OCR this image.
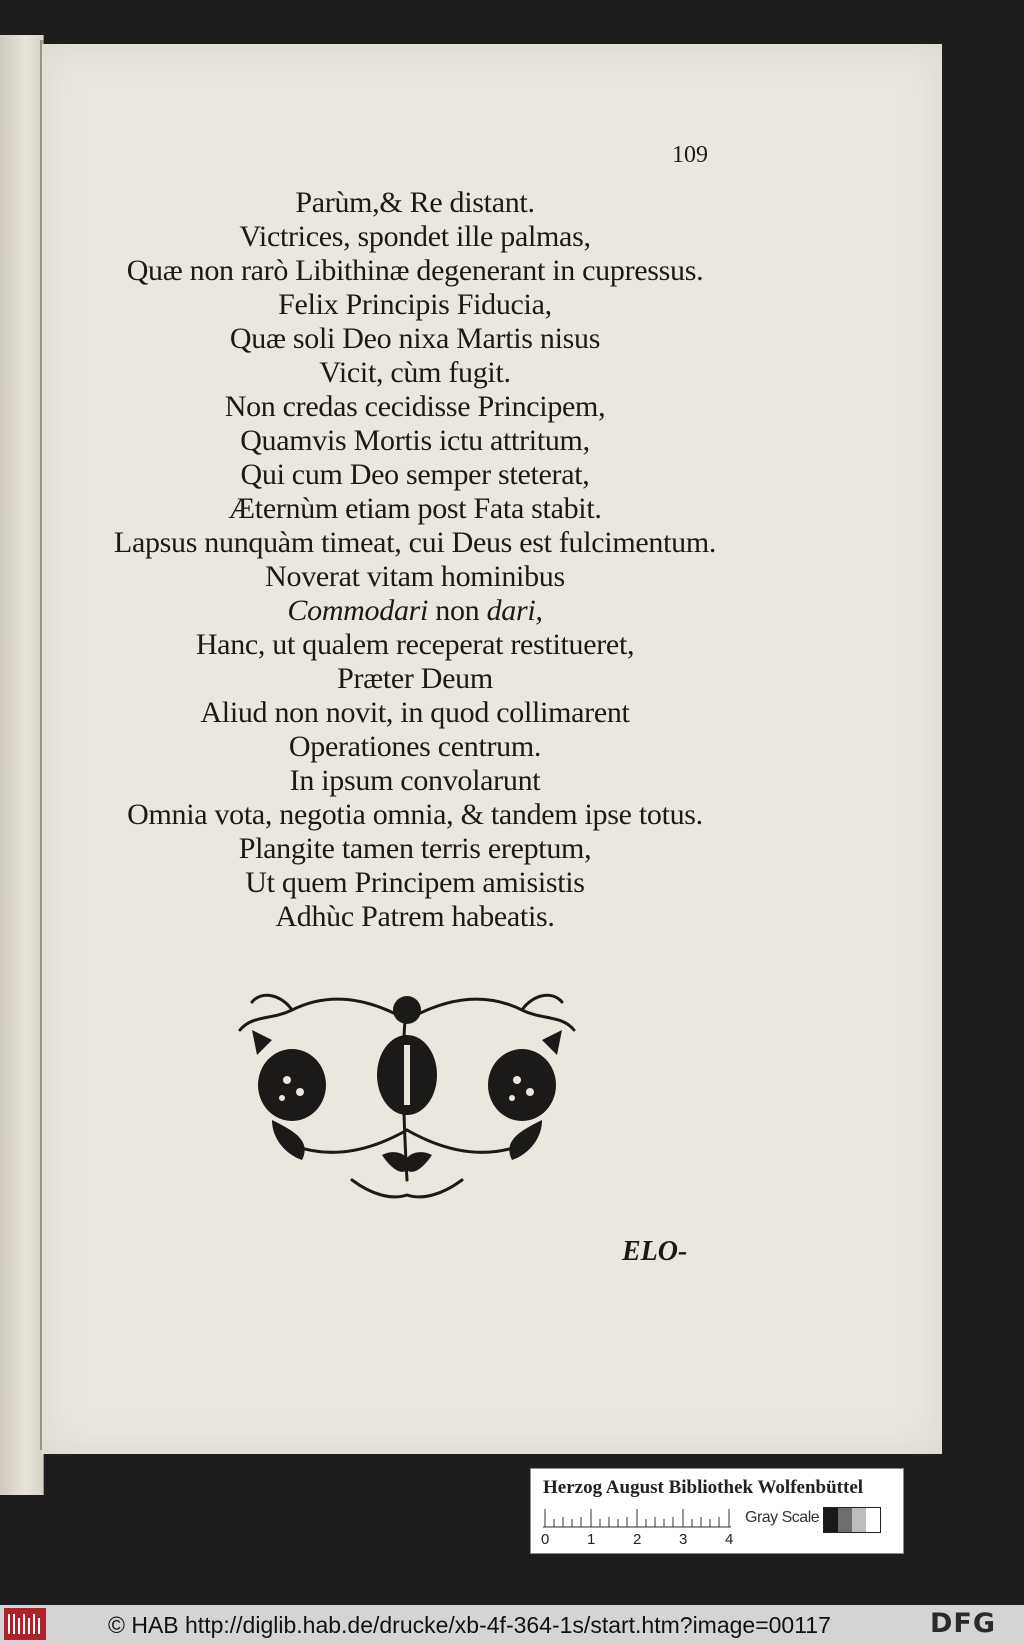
109
Parùm,& Re distant.
Victrices, spondet ille palmas,
Quæ non rarò Libithinæ degenerant in cupressus.
Felix Principis Fiducia,
Quæ soli Deo nixa Martis nisus
Vicit, cùm fugit.
Non credas cecidisse Principem,
Quamvis Mortis ictu attritum,
Qui cum Deo semper steterat,
Æternùm etiam post Fata stabit.
Lapsus nunquàm timeat, cui Deus est fulcimentum.
Noverat vitam hominibus
Commodari non dari,
Hanc, ut qualem receperat restitueret,
Præter Deum
Aliud non novit, in quod collimarent
Operationes centrum.
In ipsum convolarunt
Omnia vota, negotia omnia, & tandem ipse totus.
Plangite tamen terris ereptum,
Ut quem Principem amisistis
Adhùc Patrem habeatis.
ELO-
Herzog August Bibliothek Wolfenbüttel
0	1	2	3	4
Gray Scale
© HAB http://diglib.hab.de/drucke/xb-4f-364-1s/start.htm?image=00117	DFG
